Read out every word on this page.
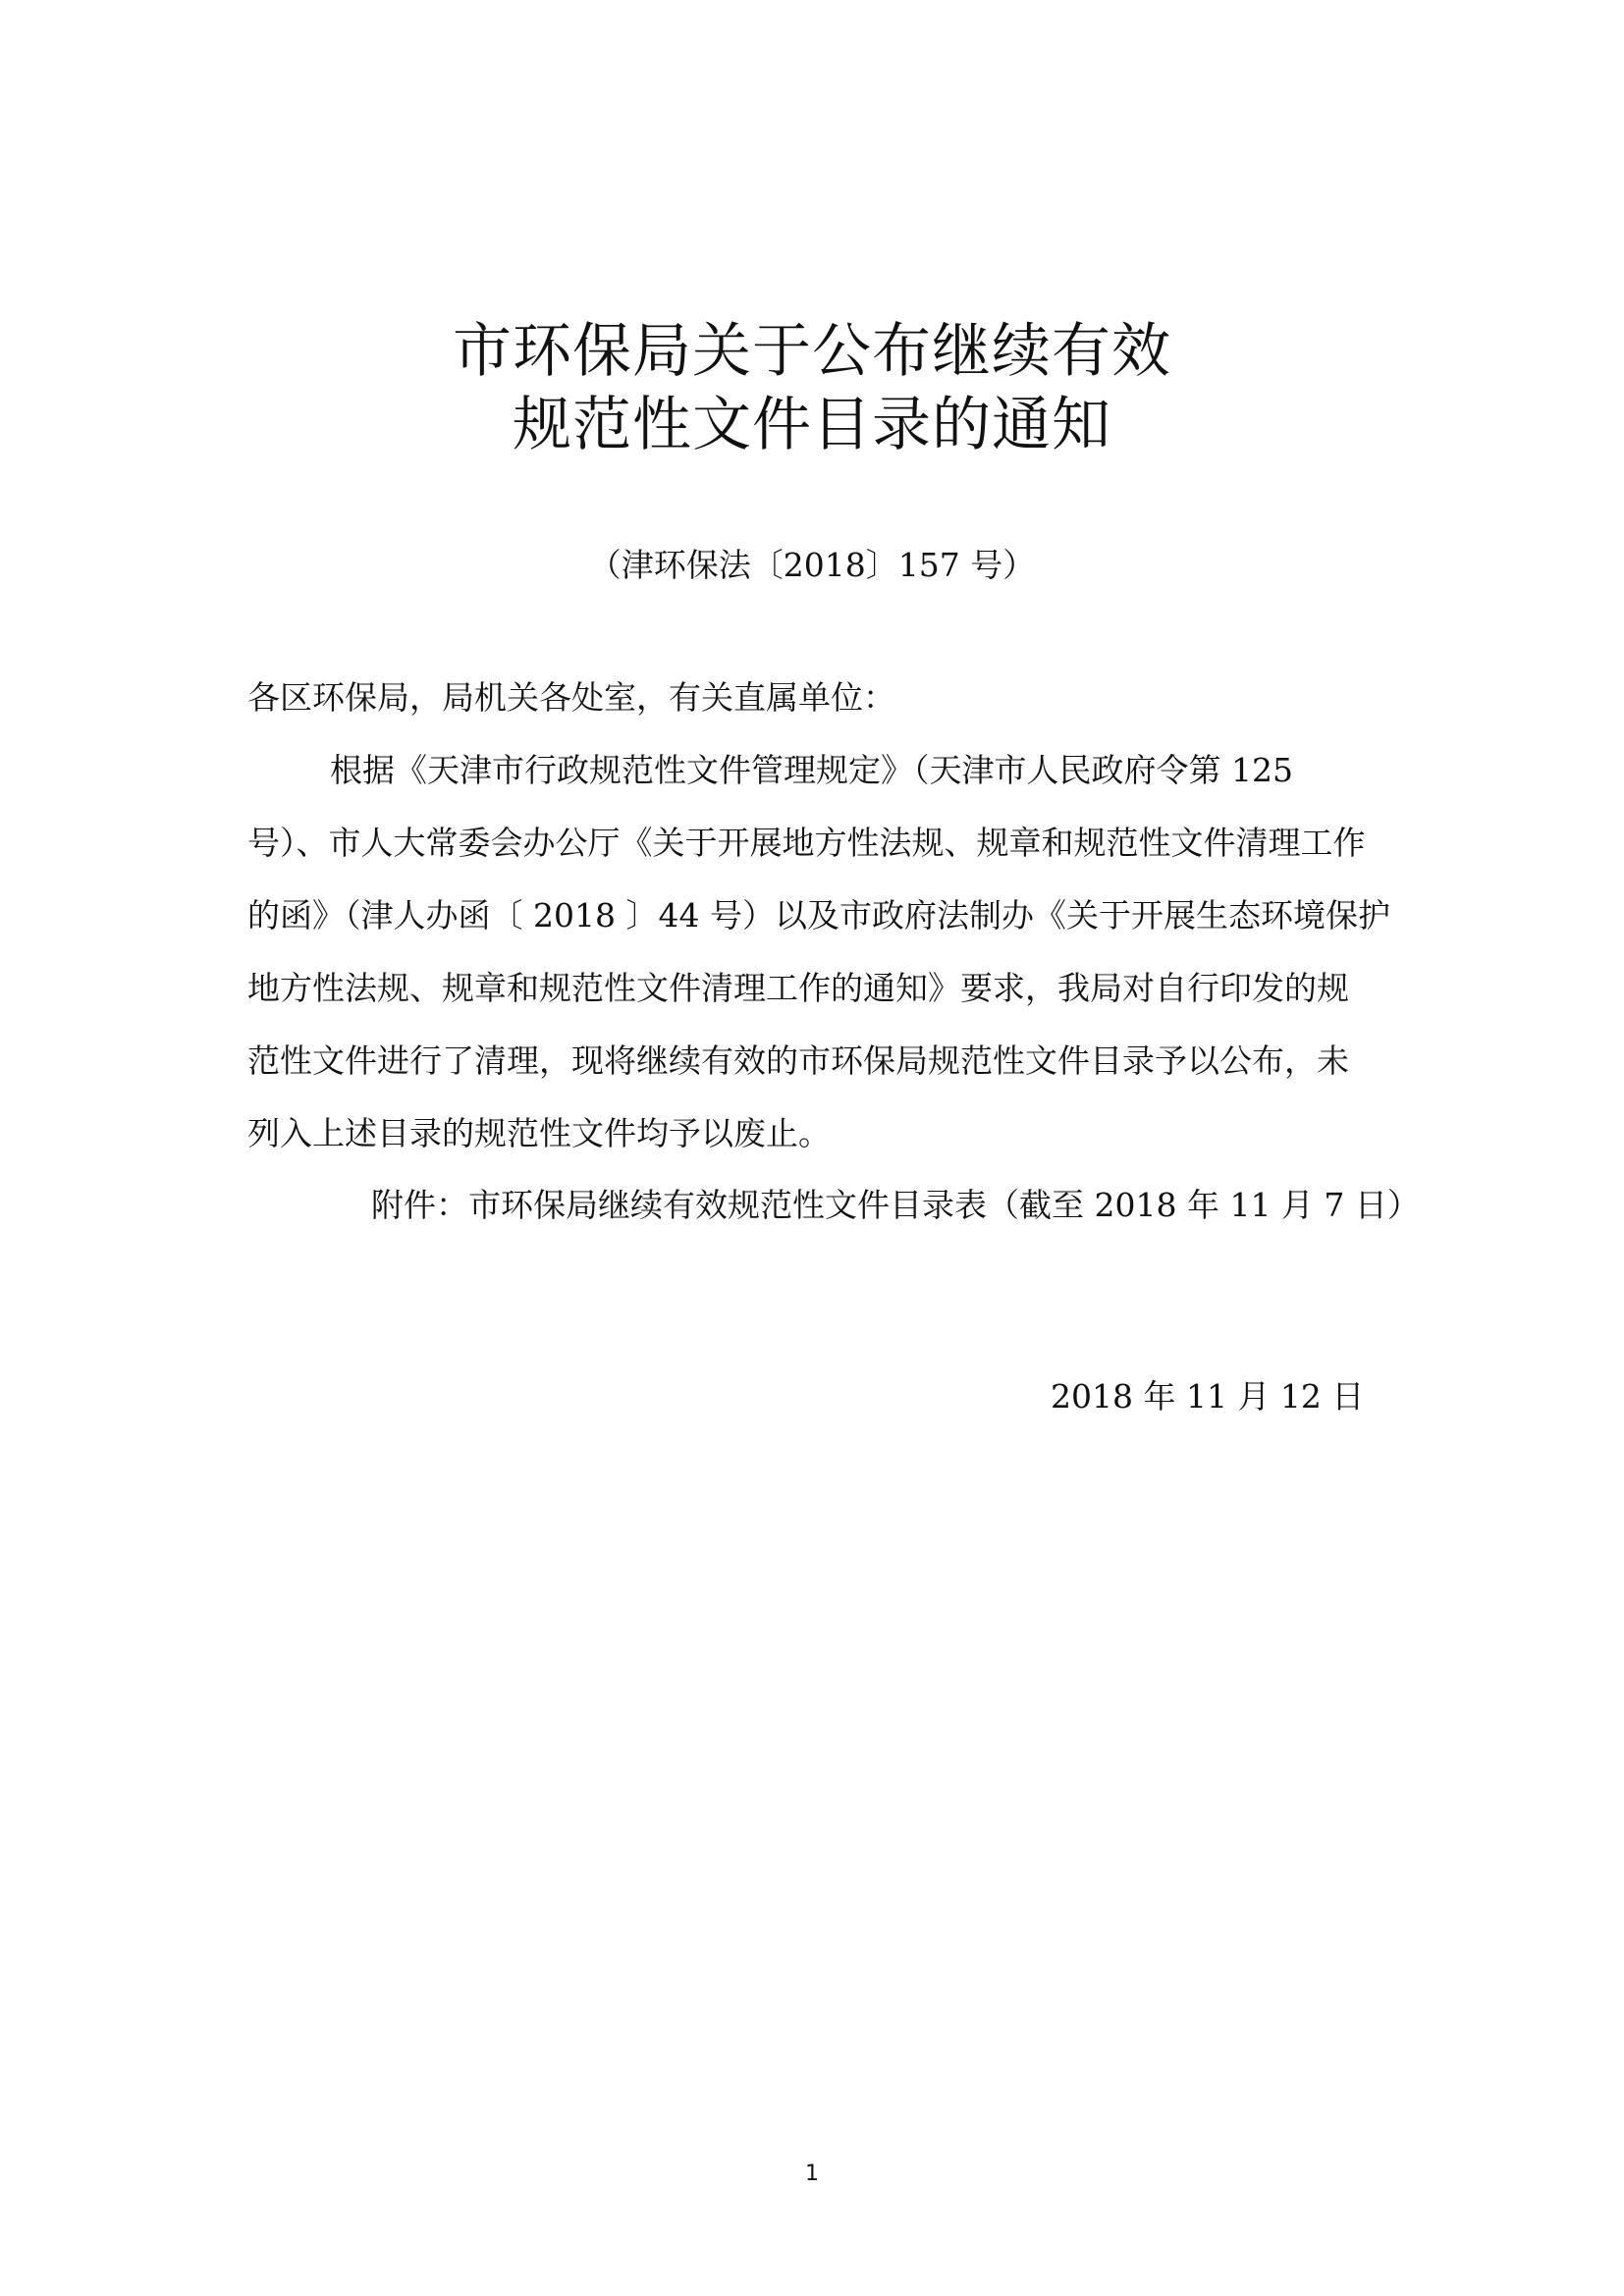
市环保局关于公布继续有效
规范性文件目录的通知
（津环保法〔2018〕157 号）
各区环保局，局机关各处室，有关直属单位：
根据《天津市行政规范性文件管理规定》（天津市人民政府令第 125
号）、市人大常委会办公厅《关于开展地方性法规、规章和规范性文件清理工作
的函》（津人办函〔 2018 〕44 号）以及市政府法制办《关于开展生态环境保护
地方性法规、规章和规范性文件清理工作的通知》要求，我局对自行印发的规
范性文件进行了清理，现将继续有效的市环保局规范性文件目录予以公布，未
列入上述目录的规范性文件均予以废止。
附件：市环保局继续有效规范性文件目录表（截至 2018 年 11 月 7 日）
2018 年 11 月 12 日
1
